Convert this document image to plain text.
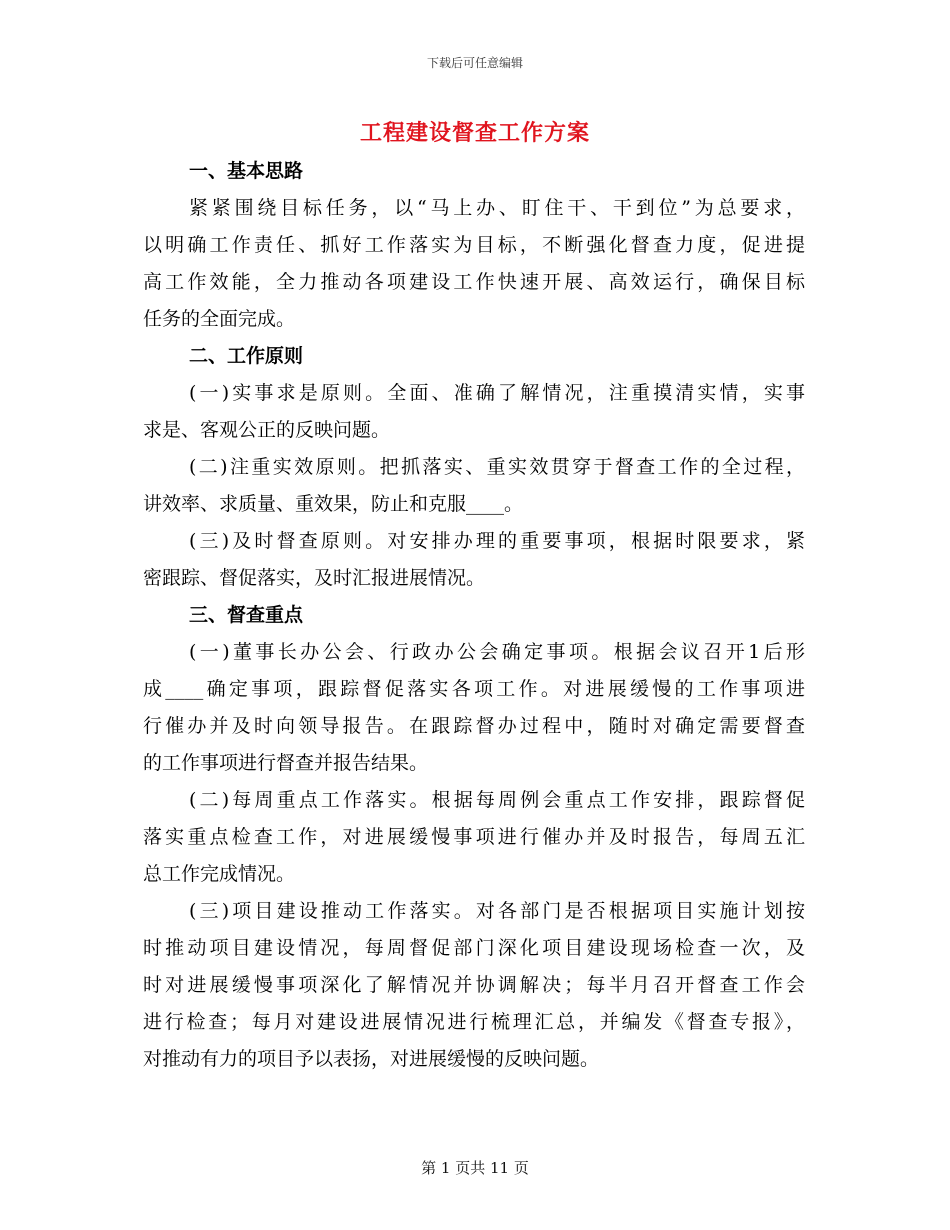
下载后可任意编辑
工程建设督查工作方案
一、基本思路
紧紧围绕目标任务，以“马上办、盯住干、干到位”为总要求，
以明确工作责任、抓好工作落实为目标，不断强化督查力度，促进提
高工作效能，全力推动各项建设工作快速开展、高效运行，确保目标
任务的全面完成。
二、工作原则
(一)实事求是原则。全面、准确了解情况，注重摸清实情，实事
求是、客观公正的反映问题。
(二)注重实效原则。把抓落实、重实效贯穿于督查工作的全过程，
讲效率、求质量、重效果，防止和克服____。
(三)及时督查原则。对安排办理的重要事项，根据时限要求，紧
密跟踪、督促落实，及时汇报进展情况。
三、督查重点
(一)董事长办公会、行政办公会确定事项。根据会议召开1后形
成____确定事项，跟踪督促落实各项工作。对进展缓慢的工作事项进
行催办并及时向领导报告。在跟踪督办过程中，随时对确定需要督查
的工作事项进行督查并报告结果。
(二)每周重点工作落实。根据每周例会重点工作安排，跟踪督促
落实重点检查工作，对进展缓慢事项进行催办并及时报告，每周五汇
总工作完成情况。
(三)项目建设推动工作落实。对各部门是否根据项目实施计划按
时推动项目建设情况，每周督促部门深化项目建设现场检查一次，及
时对进展缓慢事项深化了解情况并协调解决；每半月召开督查工作会
进行检查；每月对建设进展情况进行梳理汇总，并编发《督查专报》，
对推动有力的项目予以表扬，对进展缓慢的反映问题。
第 1 页共 11 页
